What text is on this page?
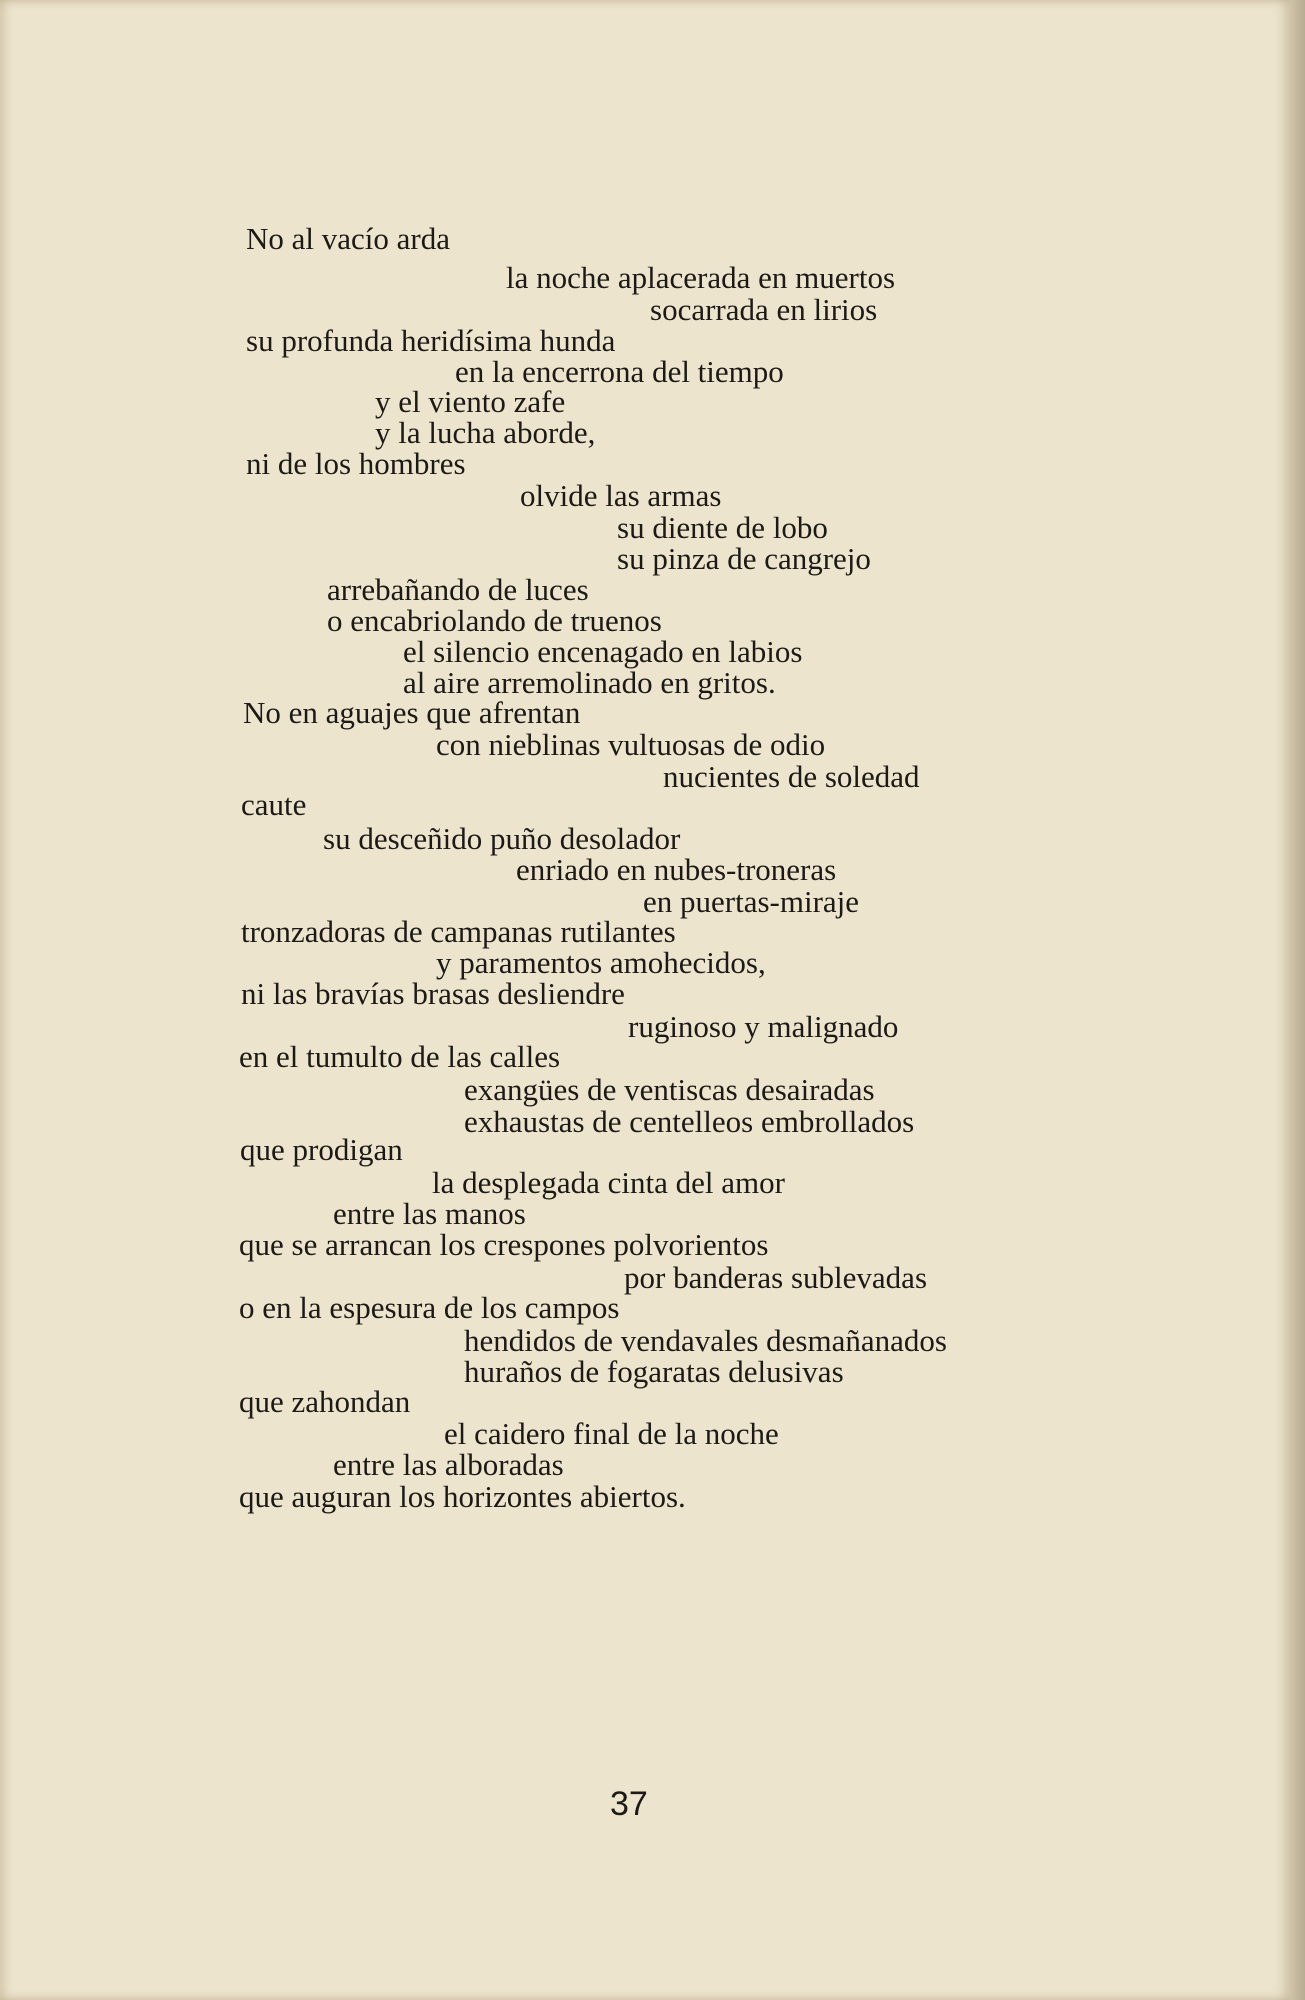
No al vacío arda
la noche aplacerada en muertos
socarrada en lirios
su profunda heridísima hunda
en la encerrona del tiempo
y el viento zafe
y la lucha aborde,
ni de los hombres
olvide las armas
su diente de lobo
su pinza de cangrejo
arrebañando de luces
o encabriolando de truenos
el silencio encenagado en labios
al aire arremolinado en gritos.
No en aguajes que afrentan
con nieblinas vultuosas de odio
nucientes de soledad
caute
su desceñido puño desolador
enriado en nubes-troneras
en puertas-miraje
tronzadoras de campanas rutilantes
y paramentos amohecidos,
ni las bravías brasas desliendre
ruginoso y malignado
en el tumulto de las calles
exangües de ventiscas desairadas
exhaustas de centelleos embrollados
que prodigan
la desplegada cinta del amor
entre las manos
que se arrancan los crespones polvorientos
por banderas sublevadas
o en la espesura de los campos
hendidos de vendavales desmañanados
huraños de fogaratas delusivas
que zahondan
el caidero final de la noche
entre las alboradas
que auguran los horizontes abiertos.
37
